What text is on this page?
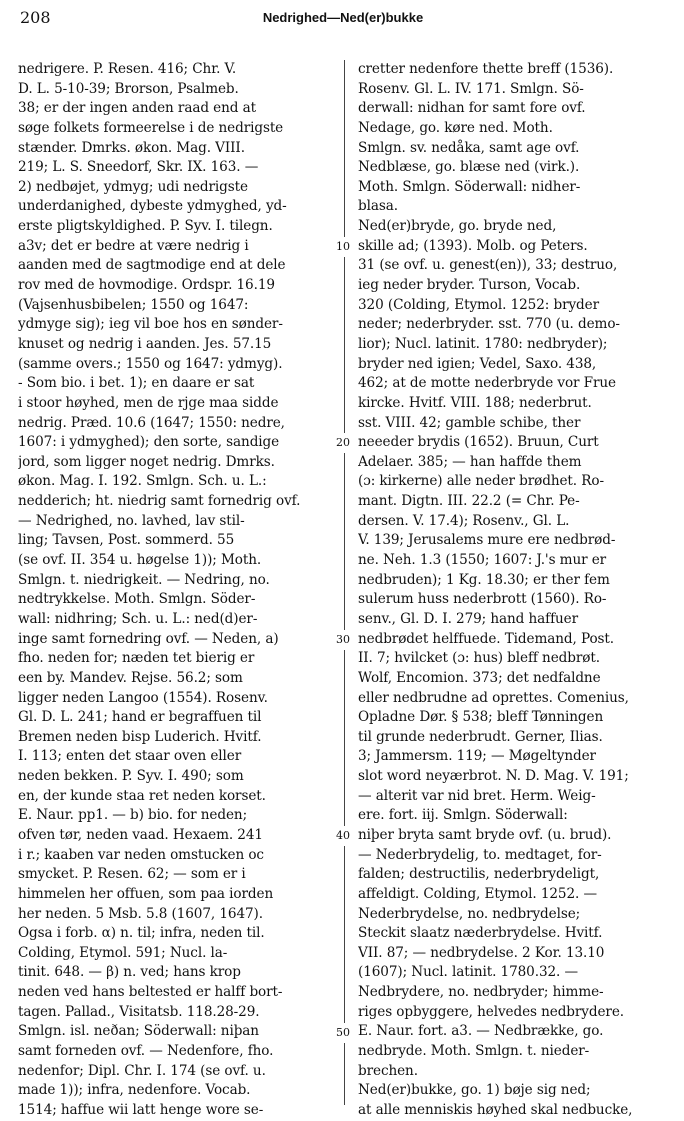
208	Nedrighed—Ned(er)bukke
nedrigere. P. Resen. 416; Chr. V.
D. L. 5-10-39; Brorson, Psalmeb.
38; er der ingen anden raad end at
søge folkets formeerelse i de nedrigste
stænder. Dmrks. økon. Mag. VIII.
219; L. S. Sneedorf, Skr. IX. 163. —
2) nedbøjet, ydmyg; udi nedrigste
underdanighed, dybeste ydmyghed, yd-
erste pligtskyldighed. P. Syv. I. tilegn.
a3v; det er bedre at være nedrig i
aanden med de sagtmodige end at dele
rov med de hovmodige. Ordspr. 16.19
(Vajsenhusbibelen; 1550 og 1647:
ydmyge sig); ieg vil boe hos en sønder-
knuset og nedrig i aanden. Jes. 57.15
(samme overs.; 1550 og 1647: ydmyg).
- Som bio. i bet. 1); en daare er sat
i stoor høyhed, men de rjge maa sidde
nedrig. Præd. 10.6 (1647; 1550: nedre,
1607: i ydmyghed); den sorte, sandige
jord, som ligger noget nedrig. Dmrks.
økon. Mag. I. 192. Smlgn. Sch. u. L.:
nedderich; ht. niedrig samt fornedrig ovf.
— Nedrighed, no. lavhed, lav stil-
ling; Tavsen, Post. sommerd. 55
(se ovf. II. 354 u. høgelse 1)); Moth.
Smlgn. t. niedrigkeit. — Nedring, no.
nedtrykkelse. Moth. Smlgn. Söder-
wall: nidhring; Sch. u. L.: ned(d)er-
inge samt fornedring ovf. — Neden, a)
fho. neden for; næden tet bierig er
een by. Mandev. Rejse. 56.2; som
ligger neden Langoo (1554). Rosenv.
Gl. D. L. 241; hand er begraffuen til
Bremen neden bisp Luderich. Hvitf.
I. 113; enten det staar oven eller
neden bekken. P. Syv. I. 490; som
en, der kunde staa ret neden korset.
E. Naur. pp1. — b) bio. for neden;
ofven tør, neden vaad. Hexaem. 241
i r.; kaaben var neden omstucken oc
smycket. P. Resen. 62; — som er i
himmelen her offuen, som paa iorden
her neden. 5 Msb. 5.8 (1607, 1647).
Ogsa i forb. α) n. til; infra, neden til.
Colding, Etymol. 591; Nucl. la-
tinit. 648. — β) n. ved; hans krop
neden ved hans beltested er halff bort-
tagen. Pallad., Visitatsb. 118.28-29.
Smlgn. isl. neðan; Söderwall: niþan
samt forneden ovf. — Nedenfore, fho.
nedenfor; Dipl. Chr. I. 174 (se ovf. u.
made 1)); infra, nedenfore. Vocab.
1514; haffue wii latt henge wore se-
10
20
30
40
50
cretter nedenfore thette breff (1536).
Rosenv. Gl. L. IV. 171. Smlgn. Sö-
derwall: nidhan for samt fore ovf.
Nedage, go. køre ned. Moth.
Smlgn. sv. nedåka, samt age ovf.
Nedblæse, go. blæse ned (virk.).
Moth. Smlgn. Söderwall: nidher-
blasa.
Ned(er)bryde, go. bryde ned,
skille ad; (1393). Molb. og Peters.
31 (se ovf. u. genest(en)), 33; destruo,
ieg neder bryder. Turson, Vocab.
320 (Colding, Etymol. 1252: bryder
neder; nederbryder. sst. 770 (u. demo-
lior); Nucl. latinit. 1780: nedbryder);
bryder ned igien; Vedel, Saxo. 438,
462; at de motte nederbryde vor Frue
kircke. Hvitf. VIII. 188; nederbrut.
sst. VIII. 42; gamble schibe, ther
neeeder brydis (1652). Bruun, Curt
Adelaer. 385; — han haffde them
(ɔ: kirkerne) alle neder brødhet. Ro-
mant. Digtn. III. 22.2 (= Chr. Pe-
dersen. V. 17.4); Rosenv., Gl. L.
V. 139; Jerusalems mure ere nedbrød-
ne. Neh. 1.3 (1550; 1607: J.'s mur er
nedbruden); 1 Kg. 18.30; er ther fem
sulerum huss nederbrott (1560). Ro-
senv., Gl. D. I. 279; hand haffuer
nedbrødet helffuede. Tidemand, Post.
II. 7; hvilcket (ɔ: hus) bleff nedbrøt.
Wolf, Encomion. 373; det nedfaldne
eller nedbrudne ad oprettes. Comenius,
Opladne Dør. § 538; bleff Tønningen
til grunde nederbrudt. Gerner, Ilias.
3; Jammersm. 119; — Møgeltynder
slot word neyærbrot. N. D. Mag. V. 191;
— alterit var nid bret. Herm. Weig-
ere. fort. iij. Smlgn. Söderwall:
niþer bryta samt bryde ovf. (u. brud).
— Nederbrydelig, to. medtaget, for-
falden; destructilis, nederbrydeligt,
affeldigt. Colding, Etymol. 1252. —
Nederbrydelse, no. nedbrydelse;
Steckit slaatz næderbrydelse. Hvitf.
VII. 87; — nedbrydelse. 2 Kor. 13.10
(1607); Nucl. latinit. 1780.32. —
Nedbrydere, no. nedbryder; himme-
riges opbyggere, helvedes nedbrydere.
E. Naur. fort. a3. — Nedbrække, go.
nedbryde. Moth. Smlgn. t. nieder-
brechen.
Ned(er)bukke, go. 1) bøje sig ned;
at alle menniskis høyhed skal nedbucke,
